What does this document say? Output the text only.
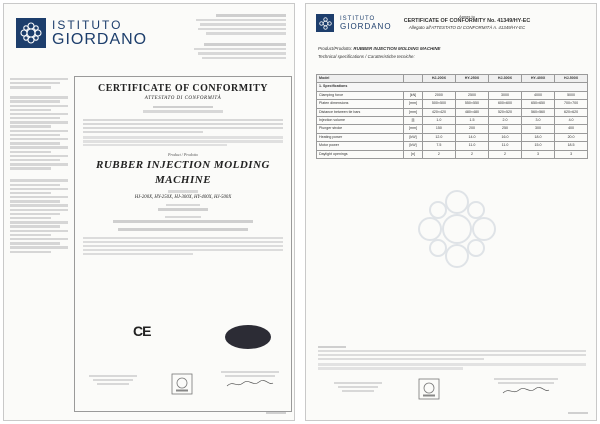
ISTITUTO
GIORDANO
CERTIFICATE OF CONFORMITY
ATTESTATO DI CONFORMITÀ
Product / Prodotto
RUBBER INJECTION MOLDING
MACHINE
HJ-200X, HY-250X, HJ-300X, HY-400X, HJ-500X
CE
ISTITUTO
GIORDANO
Annex to
CERTIFICATE OF CONFORMITY No. 41349/HY-EC
Allegato all'ATTESTATO DI CONFORMITÀ n. 41349/HY-EC
Product/Prodotto: RUBBER INJECTION MOLDING MACHINE
Technical specifications / Caratteristiche tecniche:
Model		HJ-200X	HY-250X	HJ-300X	HY-400X	HJ-500X
1. Specifications						
Clamping force	[kN]	2000	2500	3000	4000	5000
Platen dimensions	[mm]	500×500	550×550	600×600	650×650	700×700
Distance between tie bars	[mm]	420×420	480×480	520×520	560×560	620×620
Injection volume	[l]	1.0	1.5	2.0	3.0	4.0
Plunger stroke	[mm]	150	200	250	300	400
Heating power	[kW]	12.0	14.0	16.0	18.0	20.0
Motor power	[kW]	7.5	11.0	11.0	15.0	18.5
Daylight openings	[n]	2	2	2	3	3
